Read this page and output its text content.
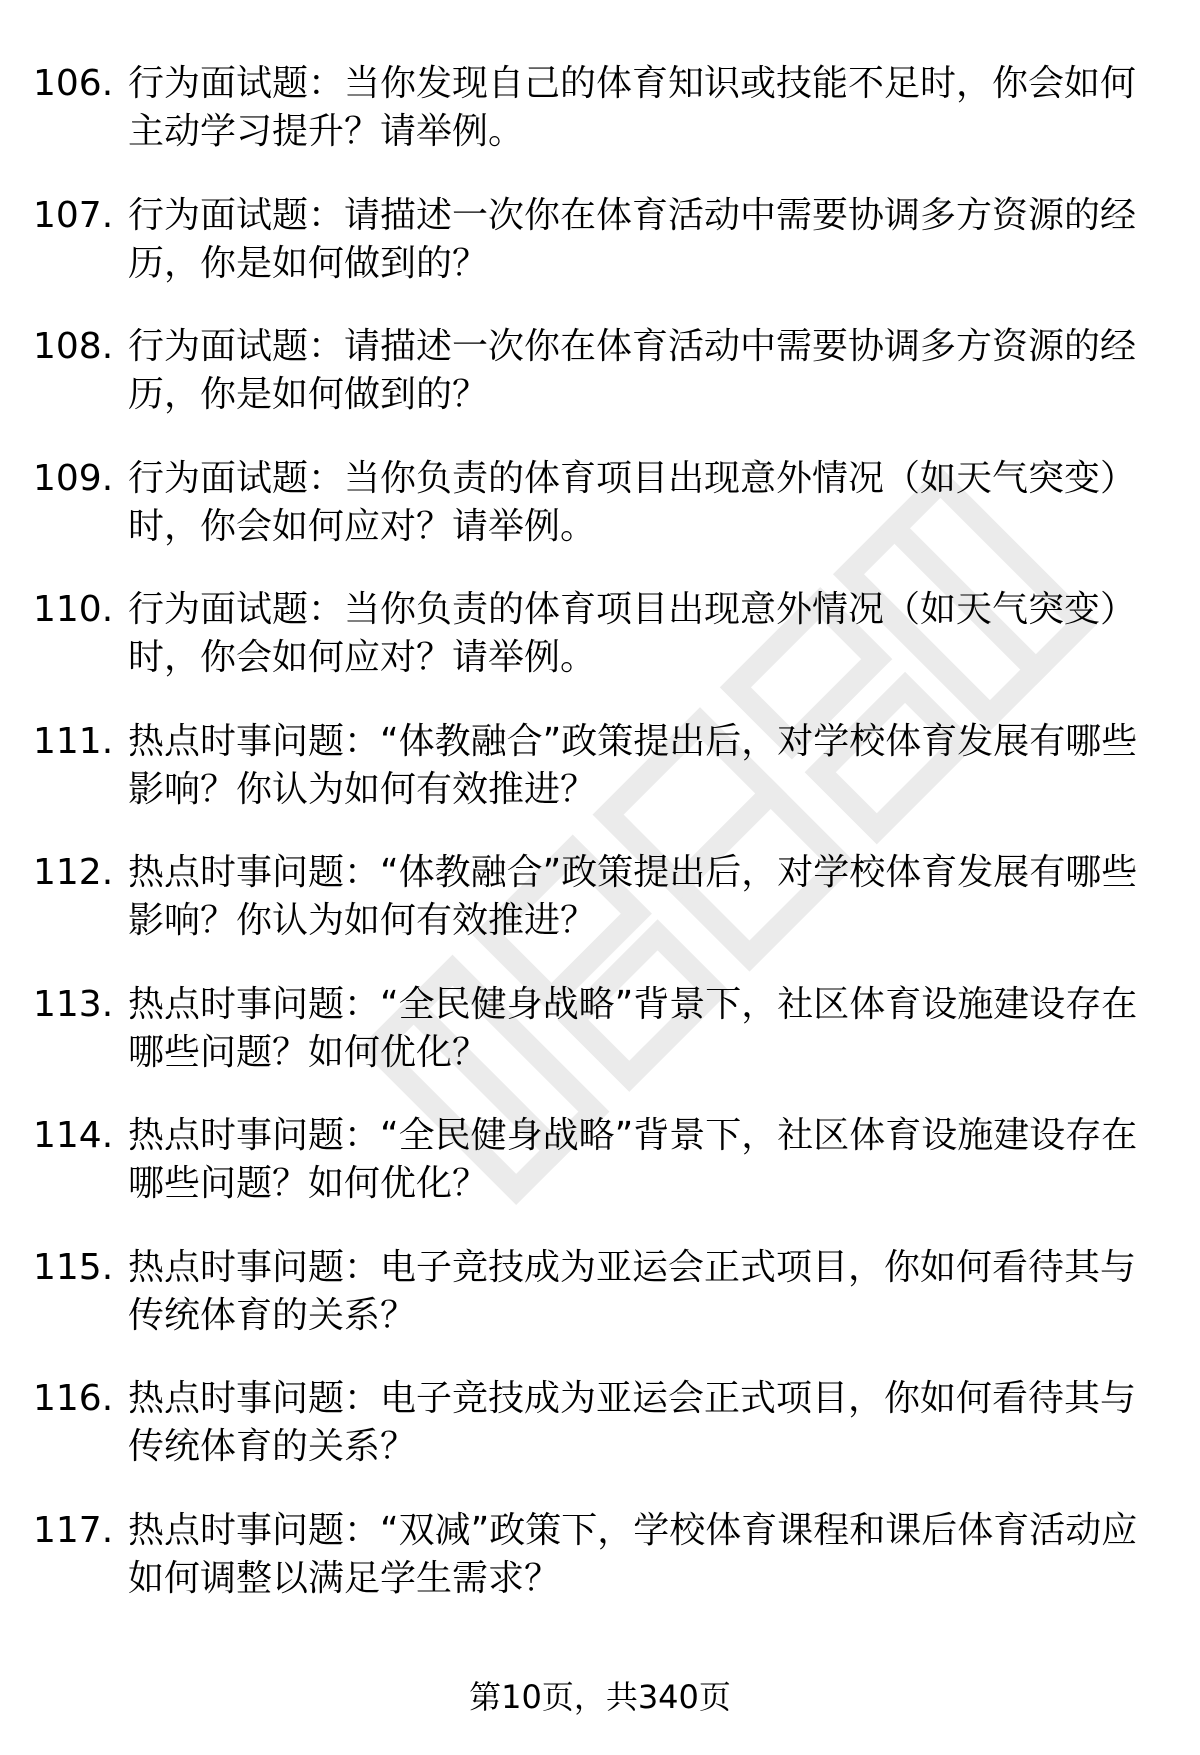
106. 行为面试题：当你发现自己的体育知识或技能不足时，你会如何主动学习提升？请举例。
107. 行为面试题：请描述一次你在体育活动中需要协调多方资源的经历，你是如何做到的？
108. 行为面试题：请描述一次你在体育活动中需要协调多方资源的经历，你是如何做到的？
109. 行为面试题：当你负责的体育项目出现意外情况（如天气突变）时，你会如何应对？请举例。
110. 行为面试题：当你负责的体育项目出现意外情况（如天气突变）时，你会如何应对？请举例。
111. 热点时事问题：“体教融合”政策提出后，对学校体育发展有哪些影响？你认为如何有效推进？
112. 热点时事问题：“体教融合”政策提出后，对学校体育发展有哪些影响？你认为如何有效推进？
113. 热点时事问题：“全民健身战略”背景下，社区体育设施建设存在哪些问题？如何优化？
114. 热点时事问题：“全民健身战略”背景下，社区体育设施建设存在哪些问题？如何优化？
115. 热点时事问题：电子竞技成为亚运会正式项目，你如何看待其与传统体育的关系？
116. 热点时事问题：电子竞技成为亚运会正式项目，你如何看待其与传统体育的关系？
117. 热点时事问题：“双减”政策下，学校体育课程和课后体育活动应如何调整以满足学生需求？
第10页，共340页
